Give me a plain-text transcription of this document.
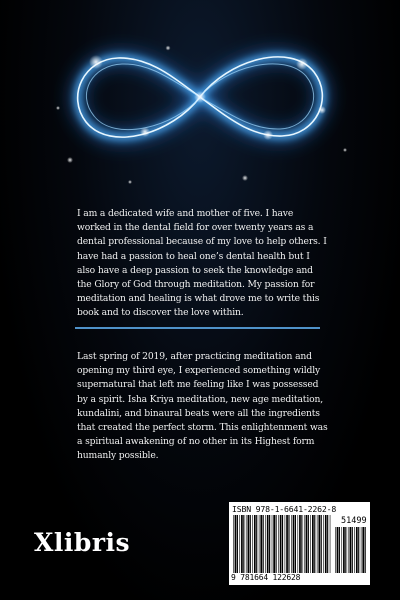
I am a dedicated wife and mother of five. I have worked in the dental field for over twenty years as a dental professional because of my love to help others. I have had a passion to heal one’s dental health but I also have a deep passion to seek the knowledge and the Glory of God through meditation. My passion for meditation and healing is what drove me to write this book and to discover the love within.

Last spring of 2019, after practicing meditation and opening my third eye, I experienced something wildly supernatural that left me feeling like I was possessed by a spirit. Isha Kriya meditation, new age meditation, kundalini, and binaural beats were all the ingredients that created the perfect storm. This enlightenment was a spiritual awakening of no other in its Highest form humanly possible.

Xlibris
ISBN 978-1-6641-2262-8
51499
9 781664 122628
